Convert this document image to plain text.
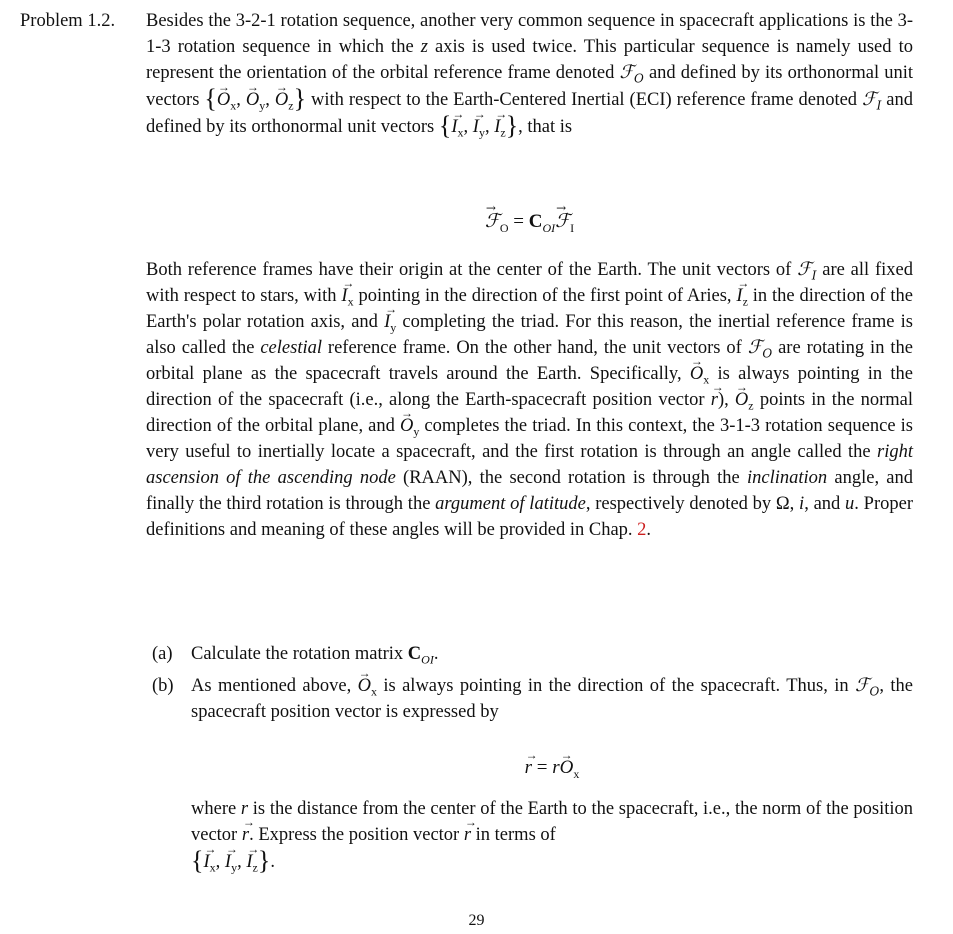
Problem 1.2. Besides the 3-2-1 rotation sequence, another very common sequence in spacecraft applications is the 3-1-3 rotation sequence in which the z axis is used twice. This particular sequence is namely used to represent the orientation of the orbital reference frame denoted ℱ$_O$ and defined by its orthonormal unit vectors {→ $O_x$, → $O_y$, → $O_z$} with respect to the Earth-Centered Inertial (ECI) reference frame denoted ℱ$_I$ and defined by its orthonormal unit vectors {→ $I_x$, → $I_y$, → $I_z$}, that is
→ ℱ$_O$ = $C_{OI}\to$ ℱ$_I$
Both reference frames have their origin at the center of the Earth. The unit vectors of ℱ$_I$ are all fixed with respect to stars, with → $I_x$ pointing in the direction of the first point of Aries, → $I_z$ in the direction of the Earth's polar rotation axis, and → $I_y$ completing the triad. For this reason, the inertial reference frame is also called the celestial reference frame. On the other hand, the unit vectors of ℱ$_O$ are rotating in the orbital plane as the spacecraft travels around the Earth. Specifically, → $O_x$ is always pointing in the direction of the spacecraft (i.e., along the Earth-spacecraft position vector → r), → $O_z$ points in the normal direction of the orbital plane, and → $O_y$ completes the triad. In this context, the 3-1-3 rotation sequence is very useful to inertially locate a spacecraft, and the first rotation is through an angle called the right ascension of the ascending node (RAAN), the second rotation is through the inclination angle, and finally the third rotation is through the argument of latitude, respectively denoted by Ω, i, and u. Proper definitions and meaning of these angles will be provided in Chap. 2.
(a) Calculate the rotation matrix $C_{OI}$.
(b) As mentioned above, → $O_x$ is always pointing in the direction of the spacecraft. Thus, in ℱ$_O$, the spacecraft position vector is expressed by
→ $r = r\to O_x$
where r is the distance from the center of the Earth to the spacecraft, i.e., the norm of the position vector → r. Express the position vector → r in terms of
{→ $I_x$, → $I_y$, → $I_z$}.
29
